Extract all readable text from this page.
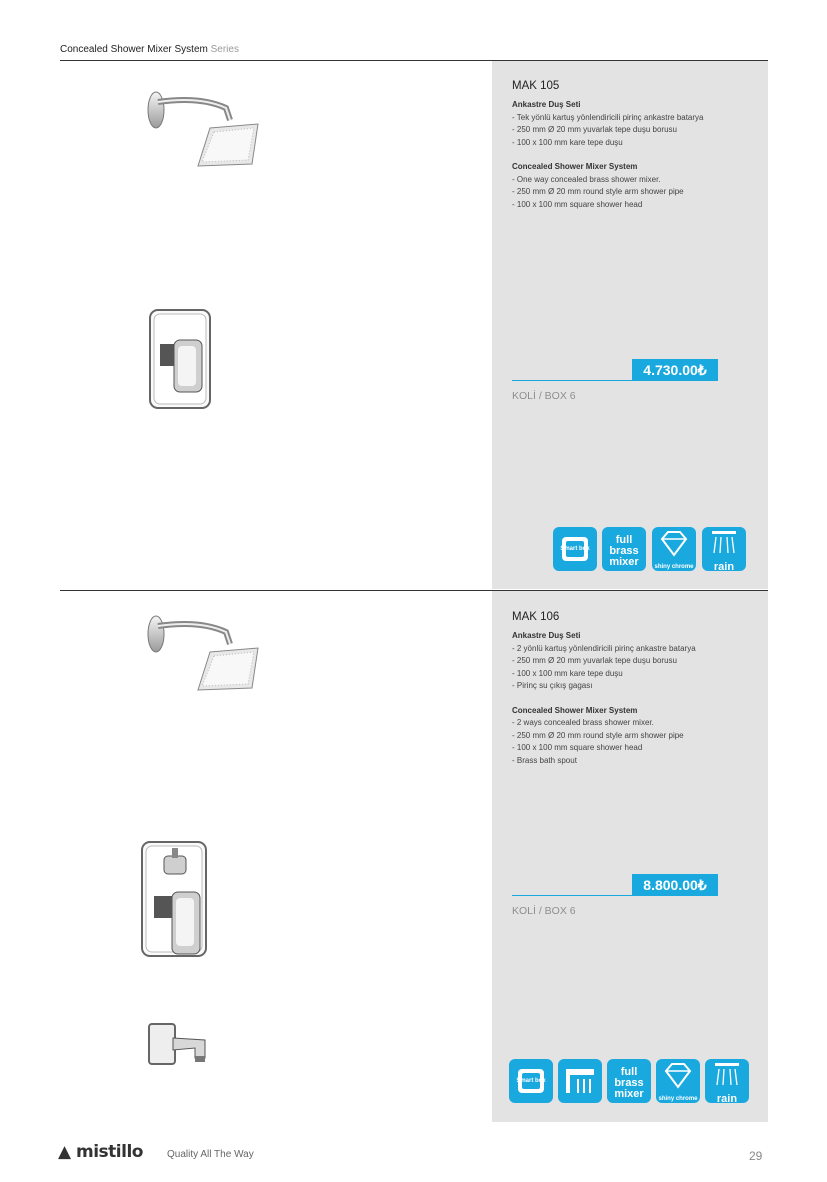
Concealed Shower Mixer System Series
MAK 105
Ankastre Duş Seti
- Tek yönlü kartuş yönlendiricili pirinç ankastre batarya
- 250 mm Ø 20 mm yuvarlak tepe duşu borusu
- 100 x 100 mm kare tepe duşu
Concealed Shower Mixer System
- One way concealed brass shower mixer.
- 250 mm Ø 20 mm round style arm shower pipe
- 100 x 100 mm square shower head
4.730.00₺
KOLİ / BOX 6
Smart box
full brass mixer	shiny chrome	rain
MAK 106
Ankastre Duş Seti
- 2 yönlü kartuş yönlendiricili pirinç ankastre batarya
- 250 mm Ø 20 mm yuvarlak tepe duşu borusu
- 100 x 100 mm kare tepe duşu
- Pirinç su çıkış gagası
Concealed Shower Mixer System
- 2 ways concealed brass shower mixer.
- 250 mm Ø 20 mm round style arm shower pipe
- 100 x 100 mm square shower head
- Brass bath spout
8.800.00₺
KOLİ / BOX 6
Smart box
full brass mixer	shiny chrome	rain
▲ mistillo Quality All The Way	29
